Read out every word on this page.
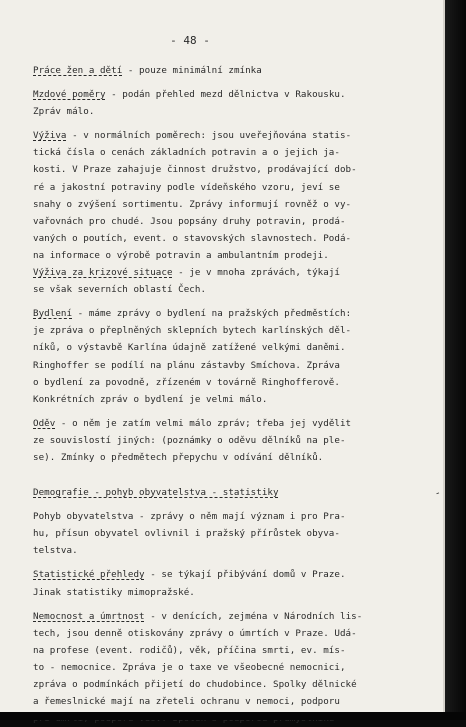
- 48 -
Práce žen a dětí - pouze minimální zmínka
Mzdové poměry - podán přehled mezd dělnictva v Rakousku.
Zpráv málo.
Výživa - v normálních poměrech: jsou uveřejňována statis-
tická čísla o cenách základních potravin a o jejich ja-
kosti. V Praze zahajuje činnost družstvo, prodávající dob-
ré a jakostní potraviny podle vídeňského vzoru, jeví se
snahy o zvýšení sortimentu. Zprávy informují rovněž o vy-
vařovnách pro chudé. Jsou popsány druhy potravin, prodá-
vaných o poutích, event. o stavovských slavnostech. Podá-
na informace o výrobě potravin a ambulantním prodeji.
Výživa za krizové situace - je v mnoha zprávách, týkají
se však severních oblastí Čech.
Bydlení - máme zprávy o bydlení na pražských předměstích:
je zpráva o přeplněných sklepních bytech karlínských děl-
níků, o výstavbě Karlína údajně zatížené velkými daněmi.
Ringhoffer se podílí na plánu zástavby Smíchova. Zpráva
o bydlení za povodně, zřízeném v továrně Ringhofferově.
Konkrétních zpráv o bydlení je velmi málo.
Oděv - o něm je zatím velmi málo zpráv; třeba jej vydělit
ze souvislostí jiných: (poznámky o oděvu dělníků na ple-
se). Zmínky o předmětech přepychu v odívání dělníků.
Demografie - pohyb obyvatelstva - statistiky
Pohyb obyvatelstva - zprávy o něm mají význam i pro Pra-
hu, přísun obyvatel ovlivnil i pražský přírůstek obyva-
telstva.
Statistické přehledy - se týkají přibývání domů v Praze.
Jinak statistiky mimopražské.
Nemocnost a úmrtnost - v denících, zejména v Národních lis-
tech, jsou denně otiskovány zprávy o úmrtích v Praze. Udá-
na profese (event. rodičů), věk, příčina smrti, ev. mís-
to - nemocnice. Zpráva je o taxe ve všeobecné nemocnici,
zpráva o podmínkách přijetí do chudobince. Spolky dělnické
a řemeslnické mají na zřeteli ochranu v nemoci, podporu
-
